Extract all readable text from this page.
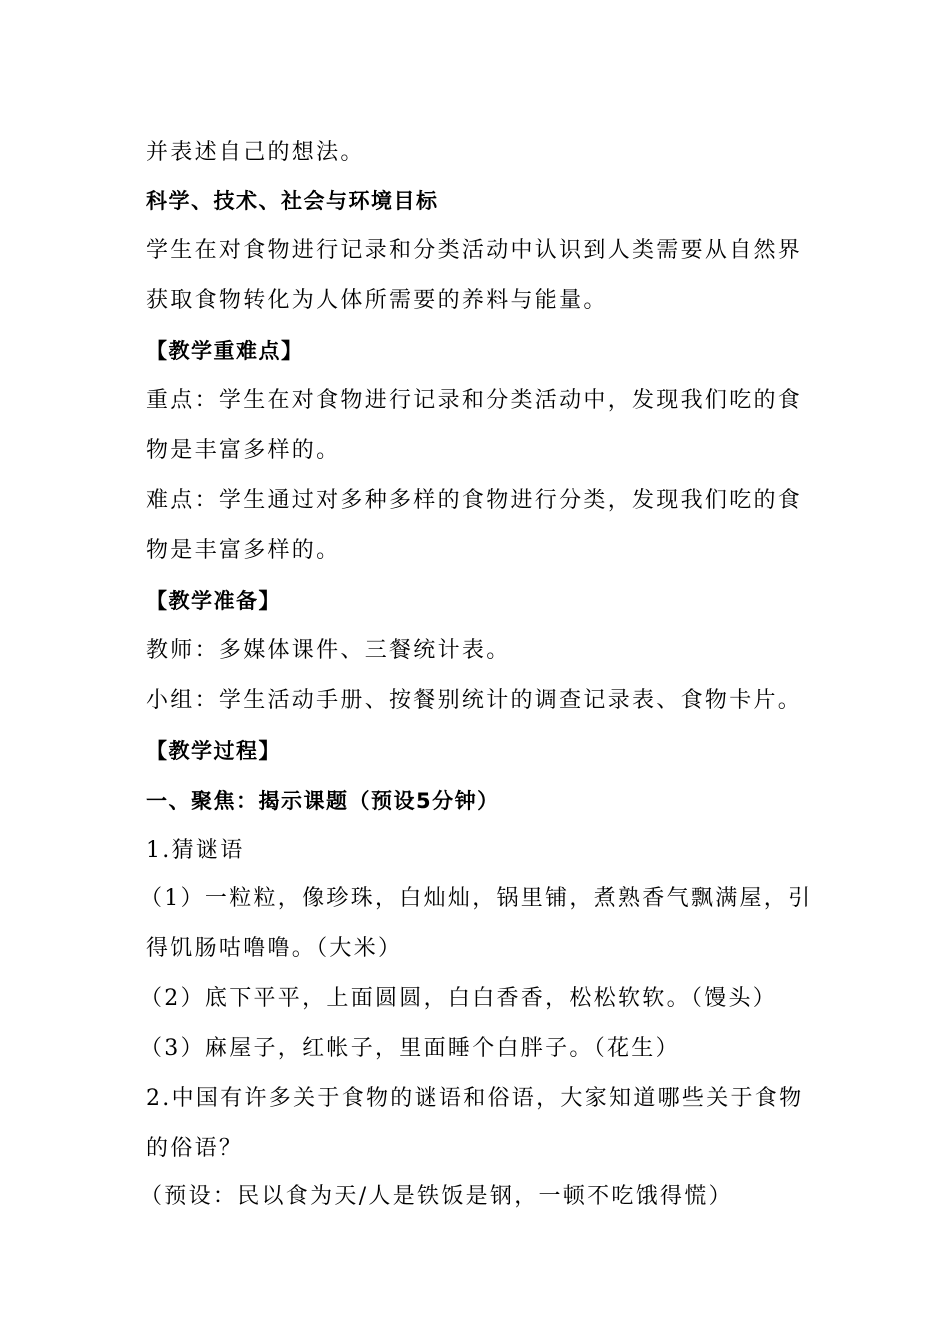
并表述自己的想法。
科学、技术、社会与环境目标
学生在对食物进行记录和分类活动中认识到人类需要从自然界
获取食物转化为人体所需要的养料与能量。
【教学重难点】
重点：学生在对食物进行记录和分类活动中，发现我们吃的食
物是丰富多样的。
难点：学生通过对多种多样的食物进行分类，发现我们吃的食
物是丰富多样的。
【教学准备】
教师：多媒体课件、三餐统计表。
小组：学生活动手册、按餐别统计的调查记录表、食物卡片。
【教学过程】
一、聚焦：揭示课题（预设5分钟）
1.猜谜语
（1）一粒粒，像珍珠，白灿灿，锅里铺，煮熟香气飘满屋，引
得饥肠咕噜噜。（大米）
（2）底下平平，上面圆圆，白白香香，松松软软。（馒头）
（3）麻屋子，红帐子，里面睡个白胖子。（花生）
2.中国有许多关于食物的谜语和俗语，大家知道哪些关于食物
的俗语？
（预设：民以食为天/人是铁饭是钢，一顿不吃饿得慌）
